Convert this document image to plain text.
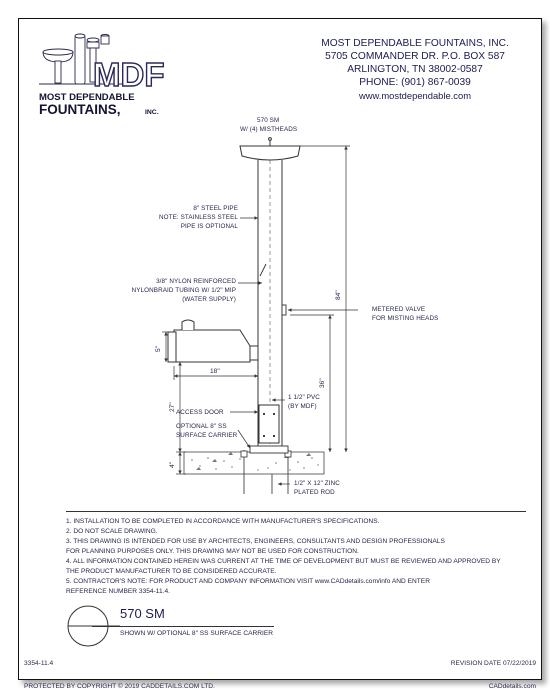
MOST DEPENDABLE FOUNTAINS, INC.
5705 COMMANDER DR. P.O. BOX 587
ARLINGTON, TN 38002-0587
PHONE: (901) 867-0039
www.mostdependable.com
MDF
MOST DEPENDABLE
FOUNTAINS,	INC.
84"
36"
27"
5"
18"
4"
570 SM
W/ (4) MISTHEADS
8" STEEL PIPE
NOTE: STAINLESS STEEL
PIPE IS OPTIONAL
3/8" NYLON REINFORCED
NYLONBRAID TUBING W/ 1/2" MIP
(WATER SUPPLY)
METERED VALVE
FOR MISTING HEADS
1 1/2" PVC
(BY MDF)
ACCESS DOOR
OPTIONAL 8" SS
SURFACE CARRIER
1/2" X 12" ZINC
PLATED ROD
1. INSTALLATION TO BE COMPLETED IN ACCORDANCE WITH MANUFACTURER'S SPECIFICATIONS.
2. DO NOT SCALE DRAWING.
3. THIS DRAWING IS INTENDED FOR USE BY ARCHITECTS, ENGINEERS, CONSULTANTS AND DESIGN PROFESSIONALS
FOR PLANNING PURPOSES ONLY. THIS DRAWING MAY NOT BE USED FOR CONSTRUCTION.
4. ALL INFORMATION CONTAINED HEREIN WAS CURRENT AT THE TIME OF DEVELOPMENT BUT MUST BE REVIEWED AND APPROVED BY
THE PRODUCT MANUFACTURER TO BE CONSIDERED ACCURATE.
5. CONTRACTOR'S NOTE: FOR PRODUCT AND COMPANY INFORMATION VISIT www.CADdetails.com/info AND ENTER
REFERENCE NUMBER 3354-11.4.
570 SM
SHOWN W/ OPTIONAL 8" SS SURFACE CARRIER
3354-11.4	REVISION DATE 07/22/2019
PROTECTED BY COPYRIGHT © 2019 CADDETAILS.COM LTD.	CADdetails.com
